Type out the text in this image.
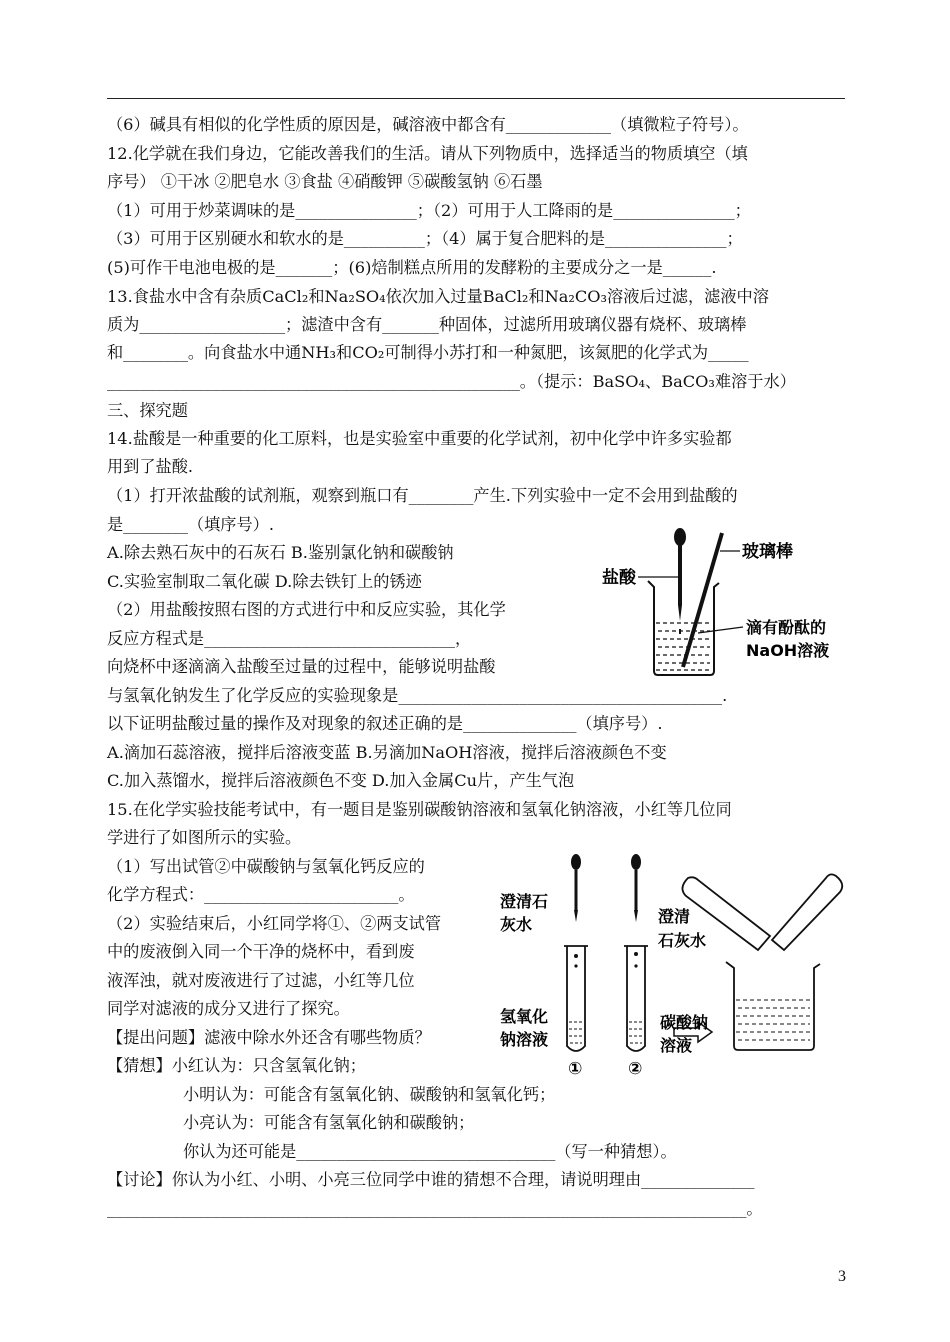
（6）碱具有相似的化学性质的原因是，碱溶液中都含有_____________（填微粒子符号）。
12.化学就在我们身边，它能改善我们的生活。请从下列物质中，选择适当的物质填空（填
序号） ①干冰 ②肥皂水 ③食盐 ④硝酸钾 ⑤碳酸氢钠 ⑥石墨
（1）可用于炒菜调味的是_______________；（2）可用于人工降雨的是_______________；
（3）可用于区别硬水和软水的是__________；（4）属于复合肥料的是_______________；
(5)可作干电池电极的是_______；(6)焙制糕点所用的发酵粉的主要成分之一是______.
13.食盐水中含有杂质CaCl₂和Na₂SO₄依次加入过量BaCl₂和Na₂CO₃溶液后过滤，滤液中溶
质为__________________；滤渣中含有_______种固体，过滤所用玻璃仪器有烧杯、玻璃棒
和________。向食盐水中通NH₃和CO₂可制得小苏打和一种氮肥，该氮肥的化学式为_____
___________________________________________________。（提示：BaSO₄、BaCO₃难溶于水）
三、探究题
14.盐酸是一种重要的化工原料，也是实验室中重要的化学试剂，初中化学中许多实验都
用到了盐酸.
（1）打开浓盐酸的试剂瓶，观察到瓶口有________产生.下列实验中一定不会用到盐酸的
是________（填序号）.
A.除去熟石灰中的石灰石 B.鉴别氯化钠和碳酸钠
C.实验室制取二氧化碳 D.除去铁钉上的锈迹
（2）用盐酸按照右图的方式进行中和反应实验，其化学
反应方程式是_______________________________，
向烧杯中逐滴滴入盐酸至过量的过程中，能够说明盐酸
与氢氧化钠发生了化学反应的实验现象是________________________________________.
以下证明盐酸过量的操作及对现象的叙述正确的是______________（填序号）.
A.滴加石蕊溶液，搅拌后溶液变蓝 B.另滴加NaOH溶液，搅拌后溶液颜色不变
C.加入蒸馏水，搅拌后溶液颜色不变 D.加入金属Cu片，产生气泡
15.在化学实验技能考试中，有一题目是鉴别碳酸钠溶液和氢氧化钠溶液，小红等几位同
学进行了如图所示的实验。
（1）写出试管②中碳酸钠与氢氧化钙反应的
化学方程式：________________________。
（2）实验结束后，小红同学将①、②两支试管
中的废液倒入同一个干净的烧杯中，看到废
液浑浊，就对废液进行了过滤，小红等几位
同学对滤液的成分又进行了探究。
【提出问题】滤液中除水外还含有哪些物质？
【猜想】小红认为：只含氢氧化钠；
小明认为：可能含有氢氧化钠、碳酸钠和氢氧化钙；
小亮认为：可能含有氢氧化钠和碳酸钠；
你认为还可能是________________________________（写一种猜想）。
【讨论】你认为小红、小明、小亮三位同学中谁的猜想不合理，请说明理由______________
_______________________________________________________________________________。
盐酸
玻璃棒
滴有酚酞的
NaOH溶液
澄清石
灰水
氢氧化
钠溶液
澄清
石灰水
碳酸钠
溶液
①	②
3
